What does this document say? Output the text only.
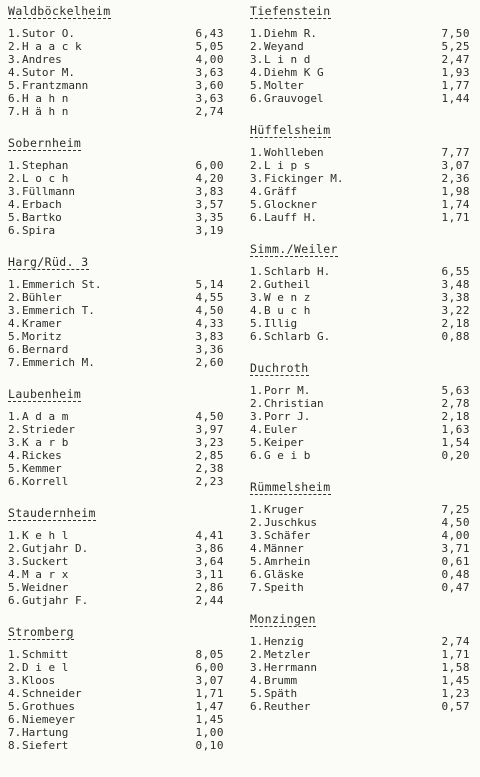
Waldböckelheim
1. Sutor O.	6,43
2. H a a c k	5,05
3. Andres	4,00
4. Sutor M.	3,63
5. Frantzmann	3,60
6. H a h n	3,63
7. H ä h n	2,74
Sobernheim
1. Stephan	6,00
2. L o c h	4,20
3. Füllmann	3,83
4. Erbach	3,57
5. Bartko	3,35
6. Spira	3,19
Harg/Rüd. 3
1. Emmerich St.	5,14
2. Bühler	4,55
3. Emmerich T.	4,50
4. Kramer	4,33
5. Moritz	3,83
6. Bernard	3,36
7. Emmerich M.	2,60
Laubenheim
1. A d a m	4,50
2. Strieder	3,97
3. K a r b	3,23
4. Rickes	2,85
5. Kemmer	2,38
6. Korrell	2,23
Staudernheim
1. K e h l	4,41
2. Gutjahr D.	3,86
3. Suckert	3,64
4. M a r x	3,11
5. Weidner	2,86
6. Gutjahr F.	2,44
Stromberg
1. Schmitt	8,05
2. D i e l	6,00
3. Kloos	3,07
4. Schneider	1,71
5. Grothues	1,47
6. Niemeyer	1,45
7. Hartung	1,00
8. Siefert	0,10
Tiefenstein
1. Diehm R.	7,50
2. Weyand	5,25
3. L i n d	2,47
4. Diehm K G	1,93
5. Molter	1,77
6. Grauvogel	1,44
Hüffelsheim
1. Wohlleben	7,77
2. L i p s	3,07
3. Fickinger M.	2,36
4. Gräff	1,98
5. Glockner	1,74
6. Lauff H.	1,71
Simm./Weiler
1. Schlarb H.	6,55
2. Gutheil	3,48
3. W e n z	3,38
4. B u c h	3,22
5. Illig	2,18
6. Schlarb G.	0,88
Duchroth
1. Porr M.	5,63
2. Christian	2,78
3. Porr J.	2,18
4. Euler	1,63
5. Keiper	1,54
6. G e i b	0,20
Rümmelsheim
1. Kruger	7,25
2. Juschkus	4,50
3. Schäfer	4,00
4. Männer	3,71
5. Amrhein	0,61
6. Gläske	0,48
7. Speith	0,47
Monzingen
1. Henzig	2,74
2. Metzler	1,71
3. Herrmann	1,58
4. Brumm	1,45
5. Späth	1,23
6. Reuther	0,57
